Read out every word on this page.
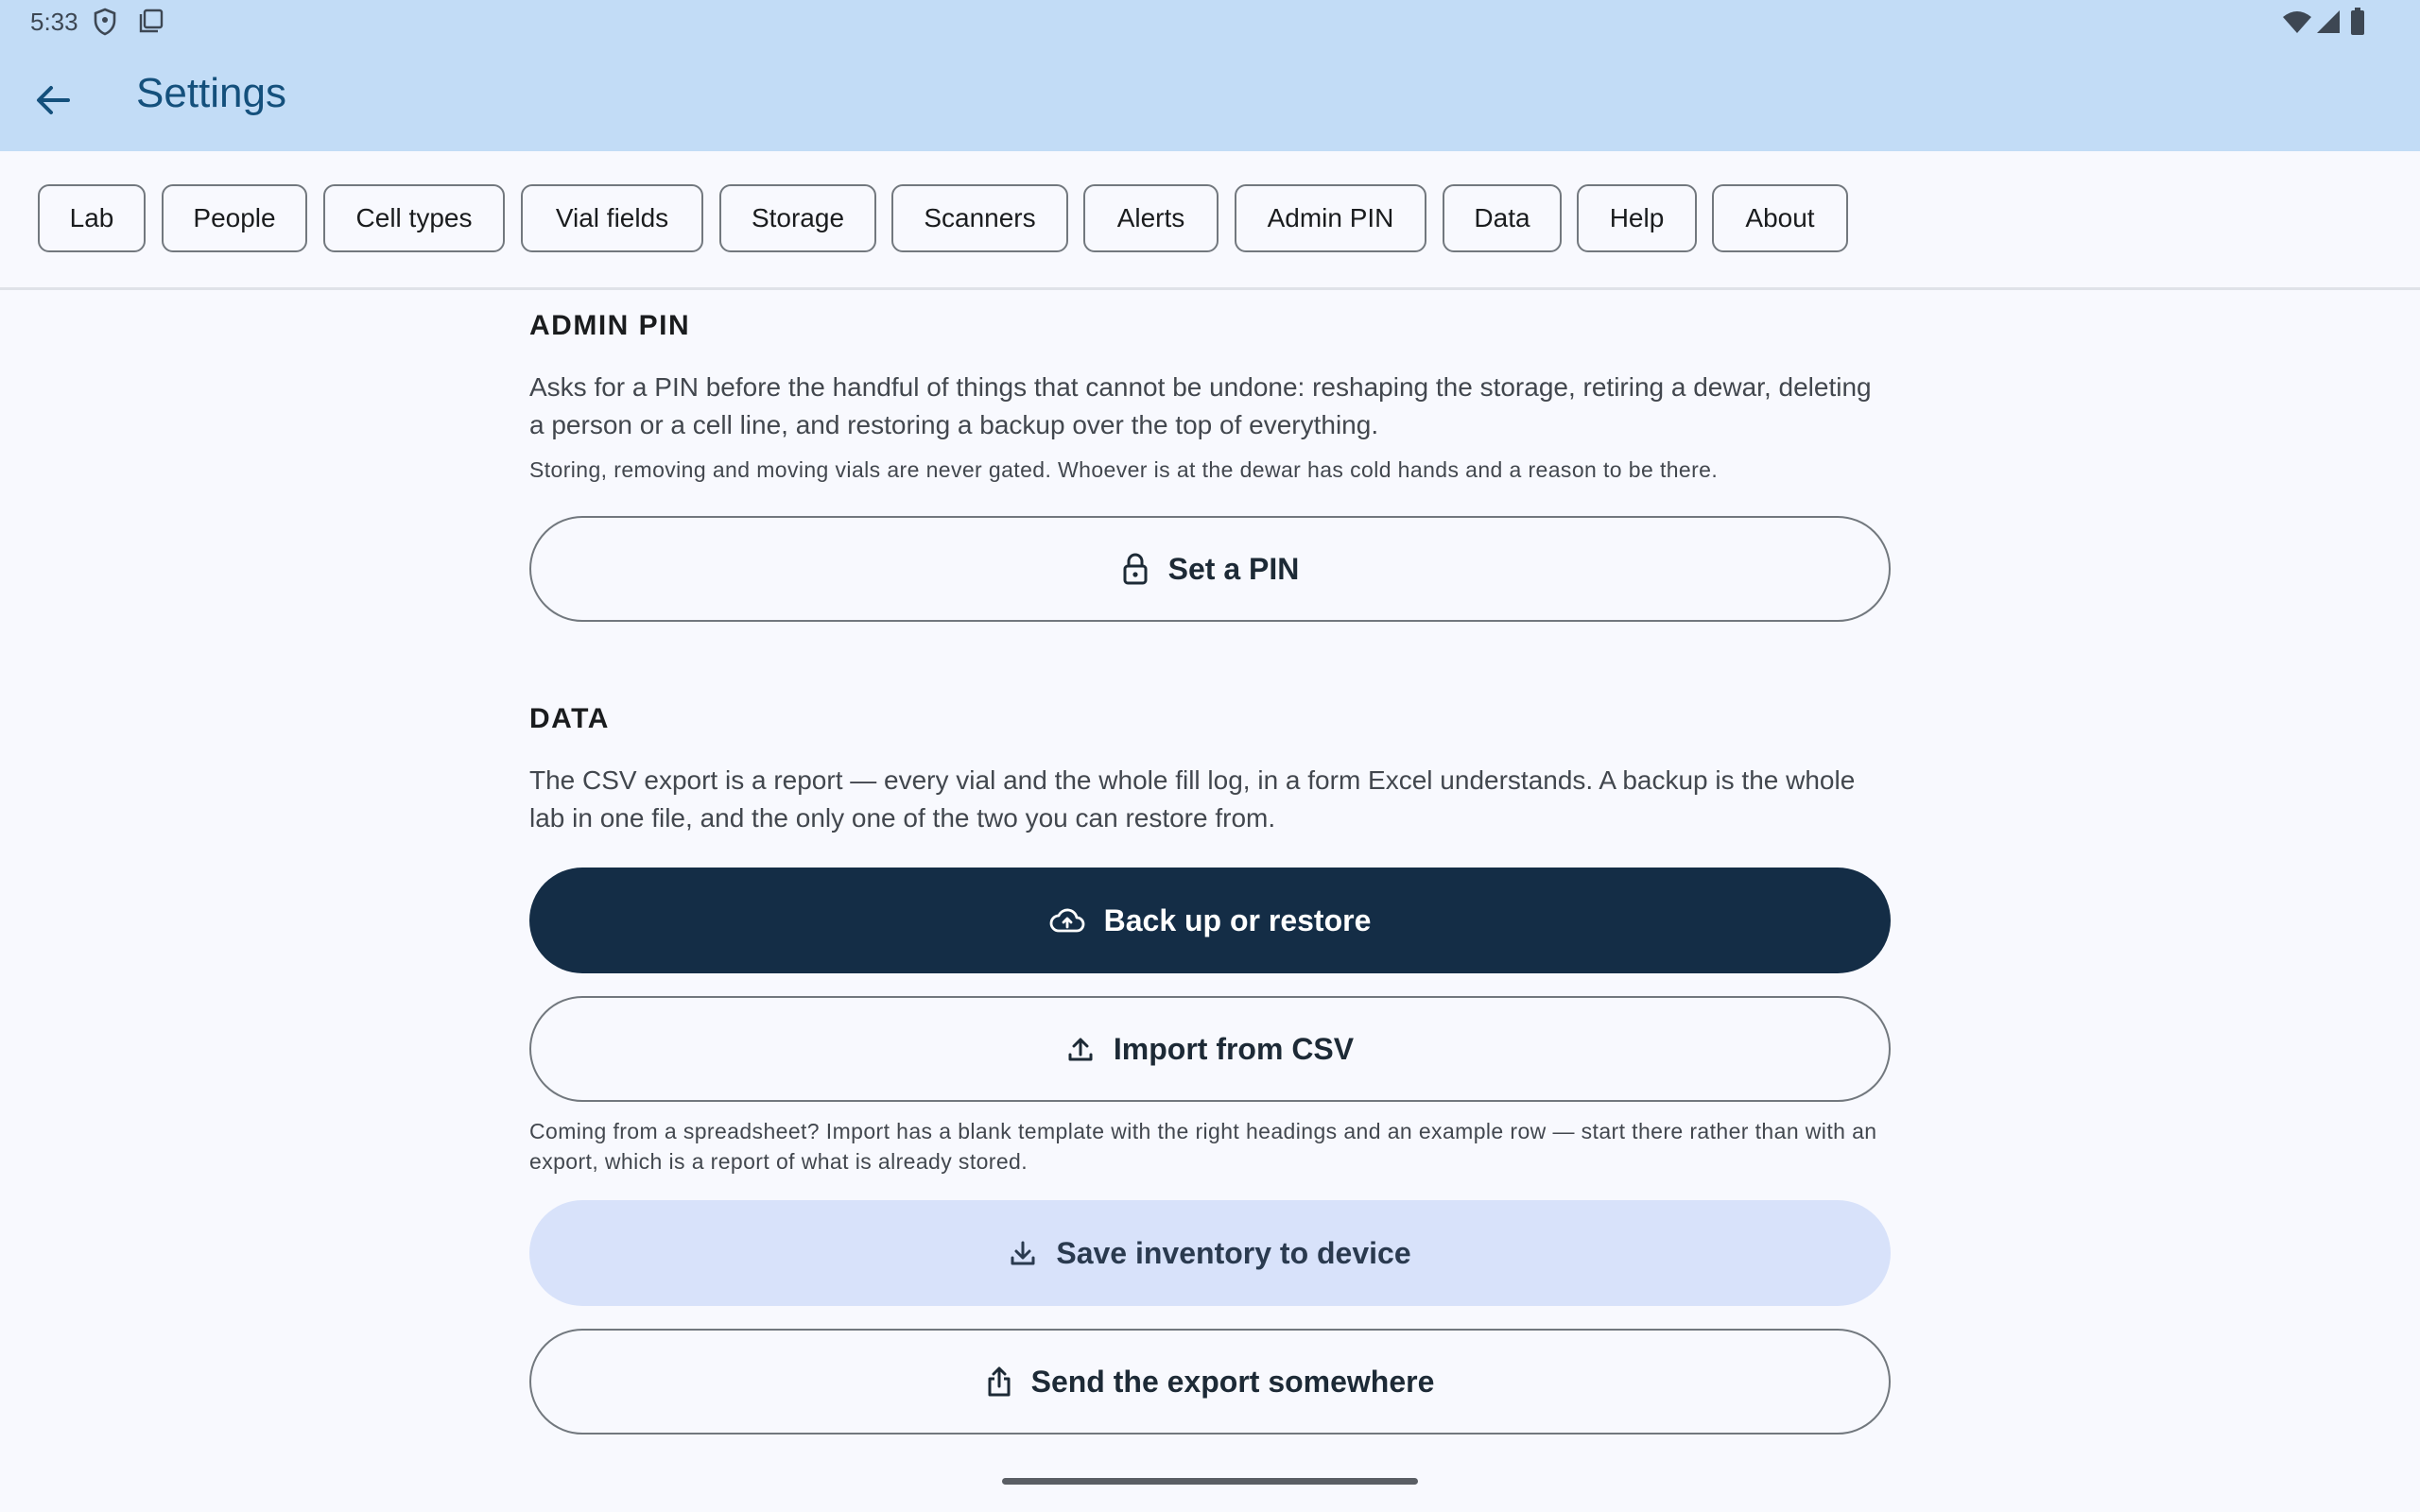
5:33
Settings
Lab	People	Cell types	Vial fields	Storage	Scanners	Alerts	Admin PIN	Data	Help	About
ADMIN PIN
Asks for a PIN before the handful of things that cannot be undone: reshaping the storage, retiring a dewar, deleting a person or a cell line, and restoring a backup over the top of everything.
Storing, removing and moving vials are never gated. Whoever is at the dewar has cold hands and a reason to be there.
Set a PIN
DATA
The CSV export is a report — every vial and the whole fill log, in a form Excel understands. A backup is the whole lab in one file, and the only one of the two you can restore from.
Back up or restore
Import from CSV
Coming from a spreadsheet? Import has a blank template with the right headings and an example row — start there rather than with an export, which is a report of what is already stored.
Save inventory to device
Send the export somewhere
